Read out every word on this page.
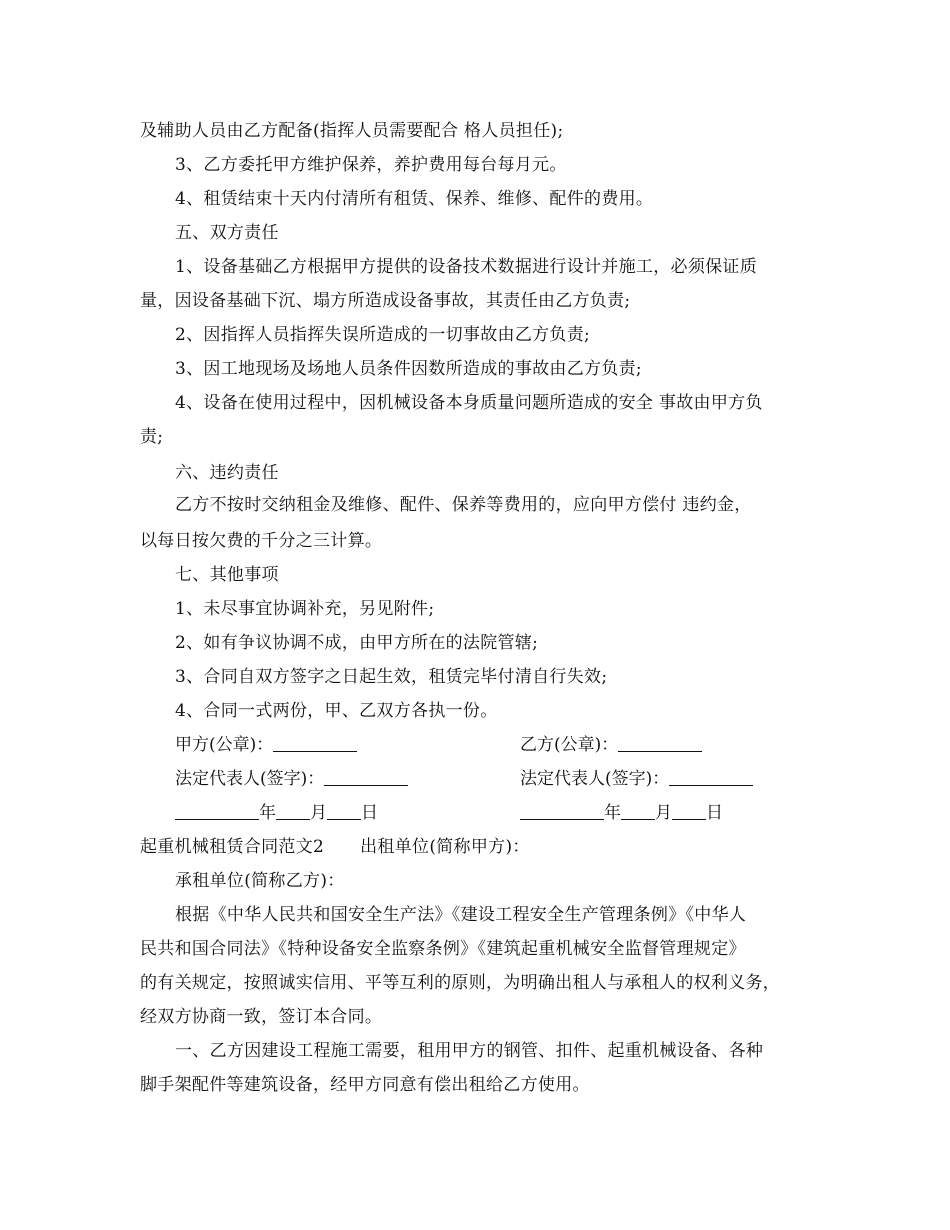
及辅助人员由乙方配备(指挥人员需要配合 格人员担任);
3、乙方委托甲方维护保养，养护费用每台每月元。
4、租赁结束十天内付清所有租赁、保养、维修、配件的费用。
五、双方责任
1、设备基础乙方根据甲方提供的设备技术数据进行设计并施工，必须保证质
量，因设备基础下沉、塌方所造成设备事故，其责任由乙方负责;
2、因指挥人员指挥失误所造成的一切事故由乙方负责;
3、因工地现场及场地人员条件因数所造成的事故由乙方负责;
4、设备在使用过程中，因机械设备本身质量问题所造成的安全 事故由甲方负
责;
六、违约责任
乙方不按时交纳租金及维修、配件、保养等费用的，应向甲方偿付 违约金，
以每日按欠费的千分之三计算。
七、其他事项
1、未尽事宜协调补充，另见附件;
2、如有争议协调不成，由甲方所在的法院管辖;
3、合同自双方签字之日起生效，租赁完毕付清自行失效;
4、合同一式两份，甲、乙双方各执一份。
甲方(公章)：	乙方(公章)：
法定代表人(签字)：	法定代表人(签字)：
年 月 日	年 月 日
起重机械租赁合同范文2 出租单位(简称甲方)：
承租单位(简称乙方)：
根据《中华人民共和国安全生产法》《建设工程安全生产管理条例》《中华人
民共和国合同法》《特种设备安全监察条例》《建筑起重机械安全监督管理规定》
的有关规定，按照诚实信用、平等互利的原则，为明确出租人与承租人的权利义务，
经双方协商一致，签订本合同。
一、乙方因建设工程施工需要，租用甲方的钢管、扣件、起重机械设备、各种
脚手架配件等建筑设备，经甲方同意有偿出租给乙方使用。
